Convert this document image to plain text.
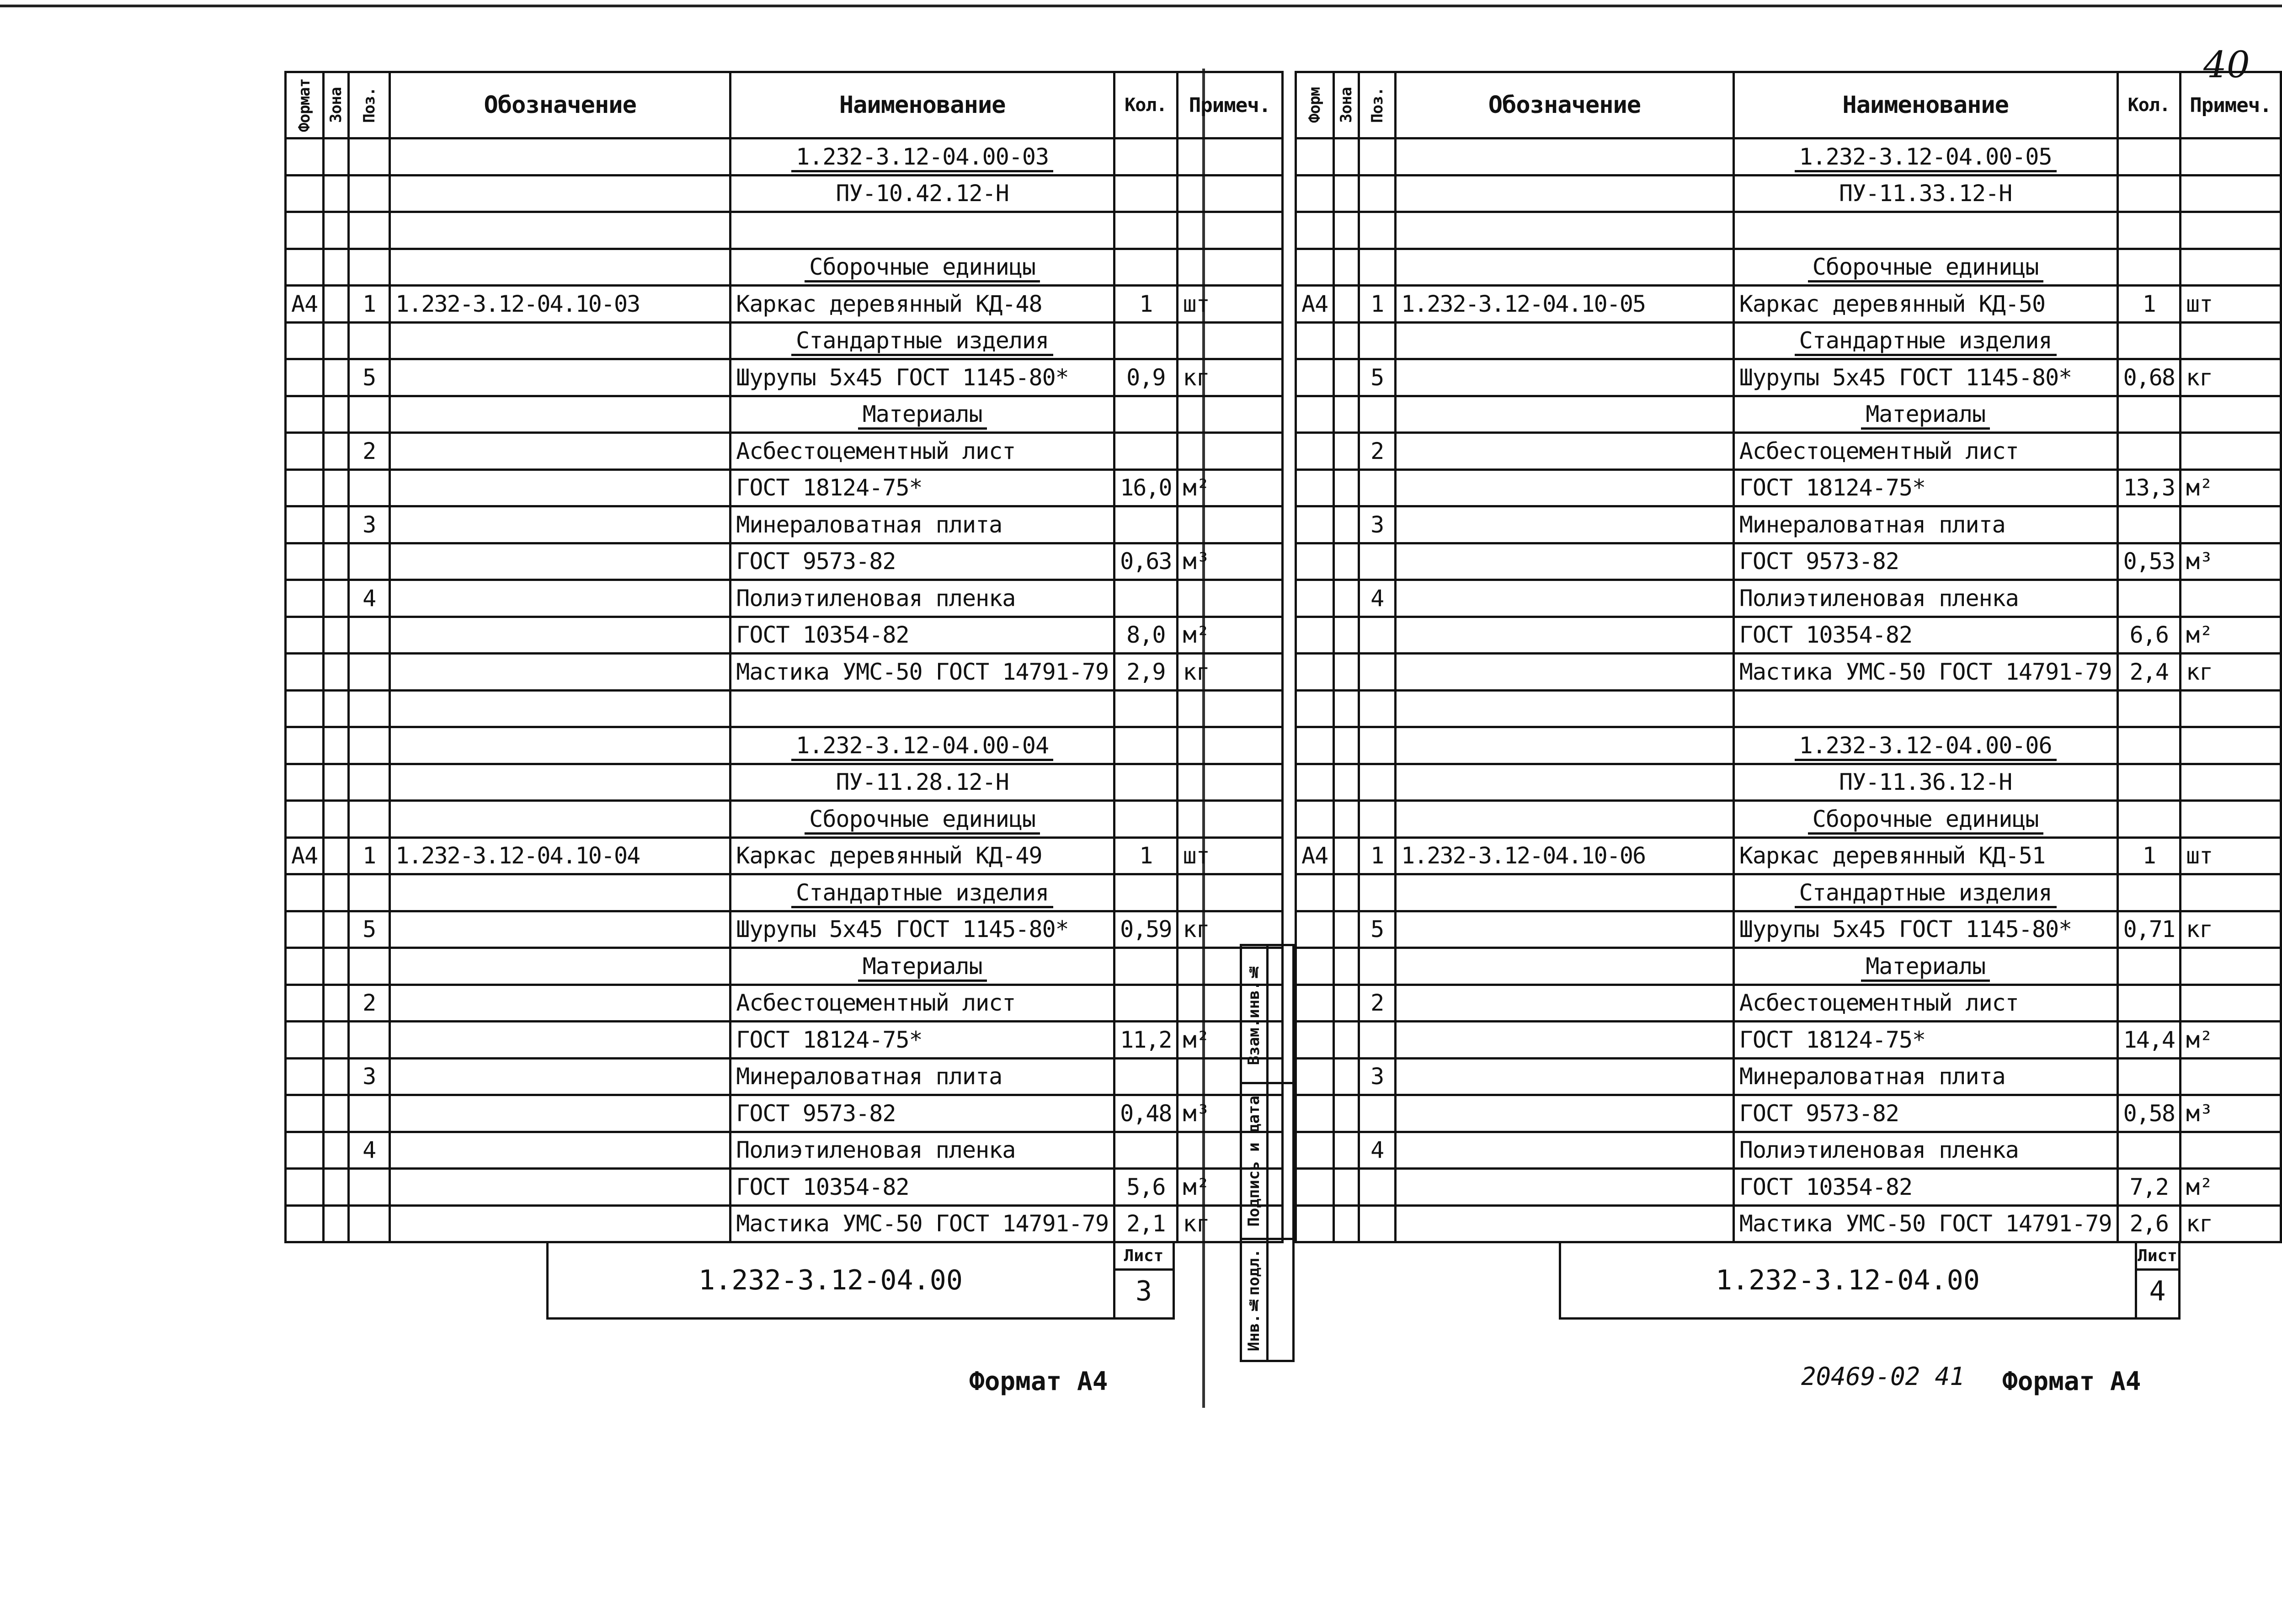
40
Формат	Зона	Поз.	Обозначение	Наименование	Кол.	Примеч.
				1.232-3.12-04.00-03		
				ПУ-10.42.12-Н		

				Сборочные единицы		
А4		1	1.232-3.12-04.10-03	Каркас деревянный КД-48	1	шт
				Стандартные изделия		
		5		Шурупы 5х45 ГОСТ 1145-80*	0,9	кг
				Материалы		
		2		Асбестоцементный лист		
				ГОСТ 18124-75*	16,0	м²
		3		Минераловатная плита		
				ГОСТ 9573-82	0,63	м³
		4		Полиэтиленовая пленка		
				ГОСТ 10354-82	8,0	м²
				Мастика УМС-50 ГОСТ 14791-79	2,9	кг

				1.232-3.12-04.00-04		
				ПУ-11.28.12-Н		
				Сборочные единицы		
А4		1	1.232-3.12-04.10-04	Каркас деревянный КД-49	1	шт
				Стандартные изделия		
		5		Шурупы 5х45 ГОСТ 1145-80*	0,59	кг
				Материалы		
		2		Асбестоцементный лист		
				ГОСТ 18124-75*	11,2	м²
		3		Минераловатная плита		
				ГОСТ 9573-82	0,48	м³
		4		Полиэтиленовая пленка		
				ГОСТ 10354-82	5,6	м²
				Мастика УМС-50 ГОСТ 14791-79	2,1	кг
	1.232-3.12-04.00	
Лист
3
Формат А4
Форм	Зона	Поз.	Обозначение	Наименование	Кол.	Примеч.
				1.232-3.12-04.00-05		
				ПУ-11.33.12-Н		

				Сборочные единицы		
А4		1	1.232-3.12-04.10-05	Каркас деревянный КД-50	1	шт
				Стандартные изделия		
		5		Шурупы 5х45 ГОСТ 1145-80*	0,68	кг
				Материалы		
		2		Асбестоцементный лист		
				ГОСТ 18124-75*	13,3	м²
		3		Минераловатная плита		
				ГОСТ 9573-82	0,53	м³
		4		Полиэтиленовая пленка		
				ГОСТ 10354-82	6,6	м²
				Мастика УМС-50 ГОСТ 14791-79	2,4	кг

				1.232-3.12-04.00-06		
				ПУ-11.36.12-Н		
				Сборочные единицы		
А4		1	1.232-3.12-04.10-06	Каркас деревянный КД-51	1	шт
				Стандартные изделия		
		5		Шурупы 5х45 ГОСТ 1145-80*	0,71	кг
				Материалы		
		2		Асбестоцементный лист		
				ГОСТ 18124-75*	14,4	м²
		3		Минераловатная плита		
				ГОСТ 9573-82	0,58	м³
		4		Полиэтиленовая пленка		
				ГОСТ 10354-82	7,2	м²
				Мастика УМС-50 ГОСТ 14791-79	2,6	кг
	1.232-3.12-04.00	
Лист
4
20469-02 41 Формат А4
Взам.инв.№
Подпись и дата
Инв.№подл.
